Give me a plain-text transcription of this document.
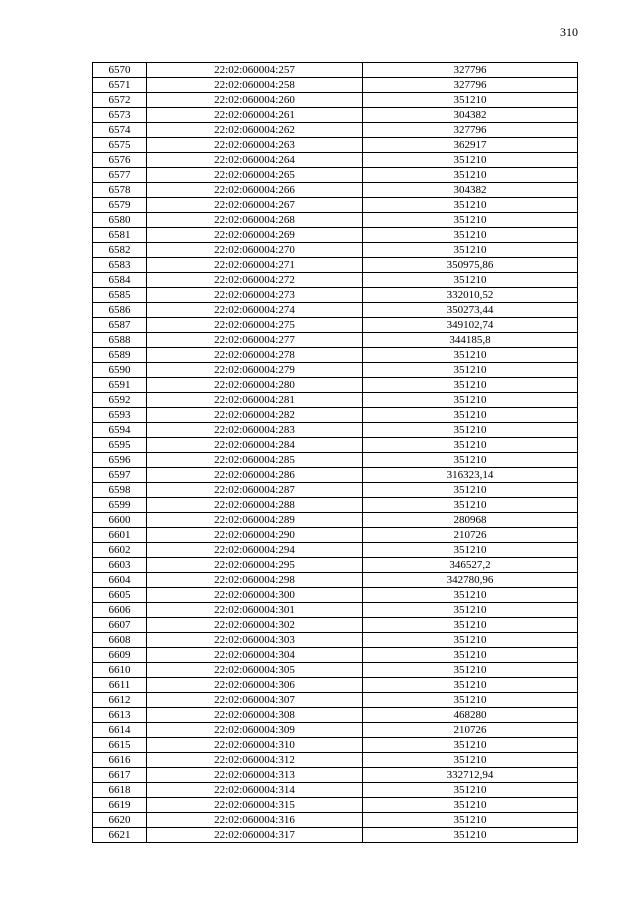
310
6570	22:02:060004:257	327796
6571	22:02:060004:258	327796
6572	22:02:060004:260	351210
6573	22:02:060004:261	304382
6574	22:02:060004:262	327796
6575	22:02:060004:263	362917
6576	22:02:060004:264	351210
6577	22:02:060004:265	351210
6578	22:02:060004:266	304382
6579	22:02:060004:267	351210
6580	22:02:060004:268	351210
6581	22:02:060004:269	351210
6582	22:02:060004:270	351210
6583	22:02:060004:271	350975,86
6584	22:02:060004:272	351210
6585	22:02:060004:273	332010,52
6586	22:02:060004:274	350273,44
6587	22:02:060004:275	349102,74
6588	22:02:060004:277	344185,8
6589	22:02:060004:278	351210
6590	22:02:060004:279	351210
6591	22:02:060004:280	351210
6592	22:02:060004:281	351210
6593	22:02:060004:282	351210
6594	22:02:060004:283	351210
6595	22:02:060004:284	351210
6596	22:02:060004:285	351210
6597	22:02:060004:286	316323,14
6598	22:02:060004:287	351210
6599	22:02:060004:288	351210
6600	22:02:060004:289	280968
6601	22:02:060004:290	210726
6602	22:02:060004:294	351210
6603	22:02:060004:295	346527,2
6604	22:02:060004:298	342780,96
6605	22:02:060004:300	351210
6606	22:02:060004:301	351210
6607	22:02:060004:302	351210
6608	22:02:060004:303	351210
6609	22:02:060004:304	351210
6610	22:02:060004:305	351210
6611	22:02:060004:306	351210
6612	22:02:060004:307	351210
6613	22:02:060004:308	468280
6614	22:02:060004:309	210726
6615	22:02:060004:310	351210
6616	22:02:060004:312	351210
6617	22:02:060004:313	332712,94
6618	22:02:060004:314	351210
6619	22:02:060004:315	351210
6620	22:02:060004:316	351210
6621	22:02:060004:317	351210
